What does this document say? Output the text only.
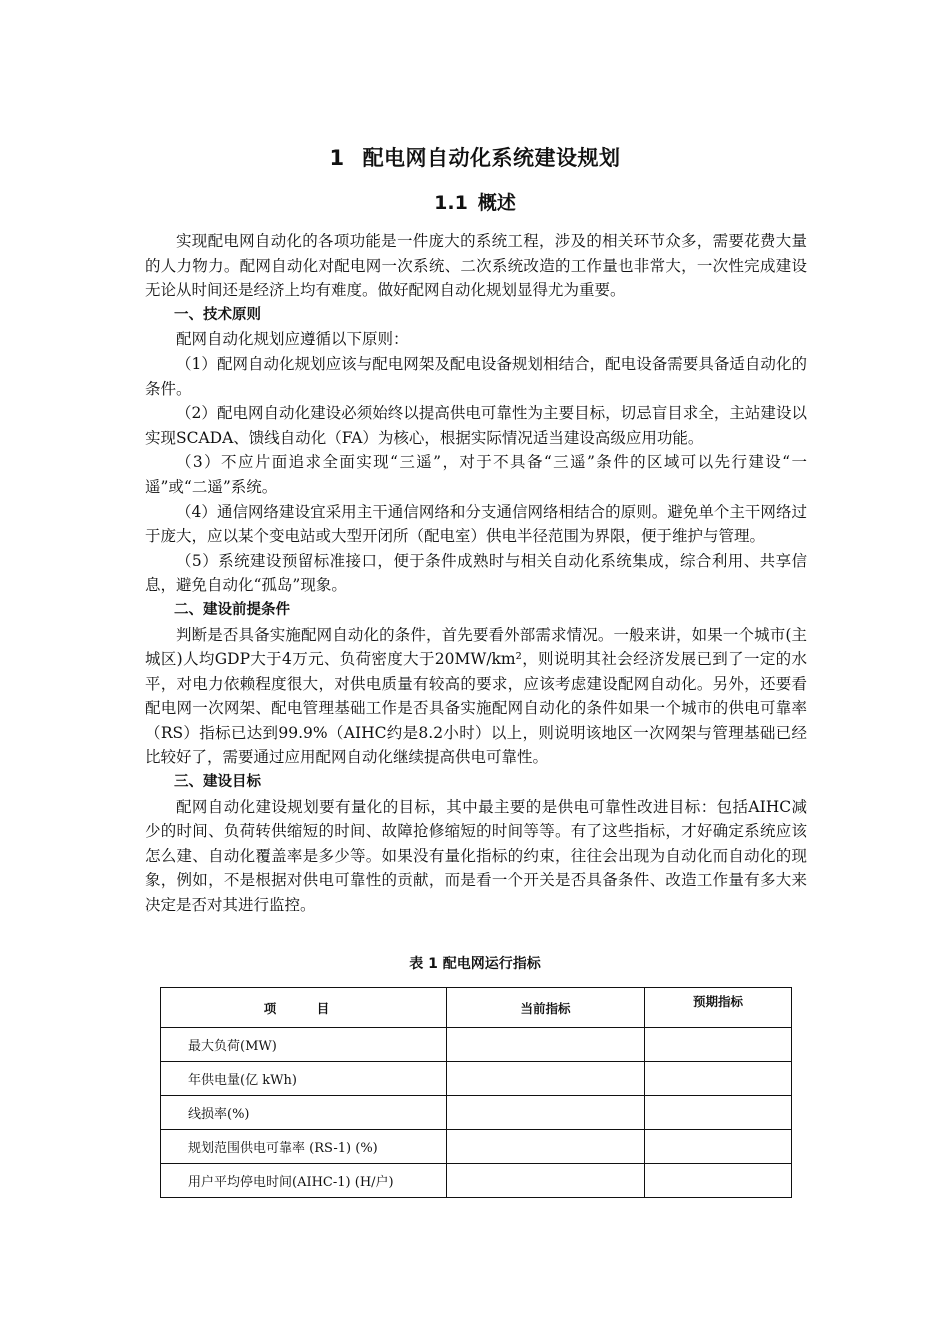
1 配电网自动化系统建设规划
1.1 概述

实现配电网自动化的各项功能是一件庞大的系统工程，涉及的相关环节众多，需要花费大量的人力物力。配网自动化对配电网一次系统、二次系统改造的工作量也非常大，一次性完成建设无论从时间还是经济上均有难度。做好配网自动化规划显得尤为重要。

一、技术原则

配网自动化规划应遵循以下原则：

（1）配网自动化规划应该与配电网架及配电设备规划相结合，配电设备需要具备适自动化的条件。

（2）配电网自动化建设必须始终以提高供电可靠性为主要目标，切忌盲目求全，主站建设以实现SCADA、馈线自动化（FA）为核心，根据实际情况适当建设高级应用功能。

（3）不应片面追求全面实现“三遥”，对于不具备“三遥”条件的区域可以先行建设“一遥”或“二遥”系统。

（4）通信网络建设宜采用主干通信网络和分支通信网络相结合的原则。避免单个主干网络过于庞大，应以某个变电站或大型开闭所（配电室）供电半径范围为界限，便于维护与管理。

（5）系统建设预留标准接口，便于条件成熟时与相关自动化系统集成，综合利用、共享信息，避免自动化“孤岛”现象。

二、建设前提条件

判断是否具备实施配网自动化的条件，首先要看外部需求情况。一般来讲，如果一个城市(主城区)人均GDP大于4万元、负荷密度大于20MW/km²，则说明其社会经济发展已到了一定的水平，对电力依赖程度很大，对供电质量有较高的要求，应该考虑建设配网自动化。另外，还要看配电网一次网架、配电管理基础工作是否具备实施配网自动化的条件如果一个城市的供电可靠率（RS）指标已达到99.9%（AIHC约是8.2小时）以上，则说明该地区一次网架与管理基础已经比较好了，需要通过应用配网自动化继续提高供电可靠性。

三、建设目标

配网自动化建设规划要有量化的目标，其中最主要的是供电可靠性改进目标：包括AIHC减少的时间、负荷转供缩短的时间、故障抢修缩短的时间等等。有了这些指标，才好确定系统应该怎么建、自动化覆盖率是多少等。如果没有量化指标的约束，往往会出现为自动化而自动化的现象，例如，不是根据对供电可靠性的贡献，而是看一个开关是否具备条件、改造工作量有多大来决定是否对其进行监控。

表 1 配电网运行指标
项　目	当前指标	预期指标
最大负荷(MW)		
年供电量(亿 kWh)		
线损率(%)		
规划范围供电可靠率 (RS-1) (%)		
用户平均停电时间(AIHC-1) (H/户)		
